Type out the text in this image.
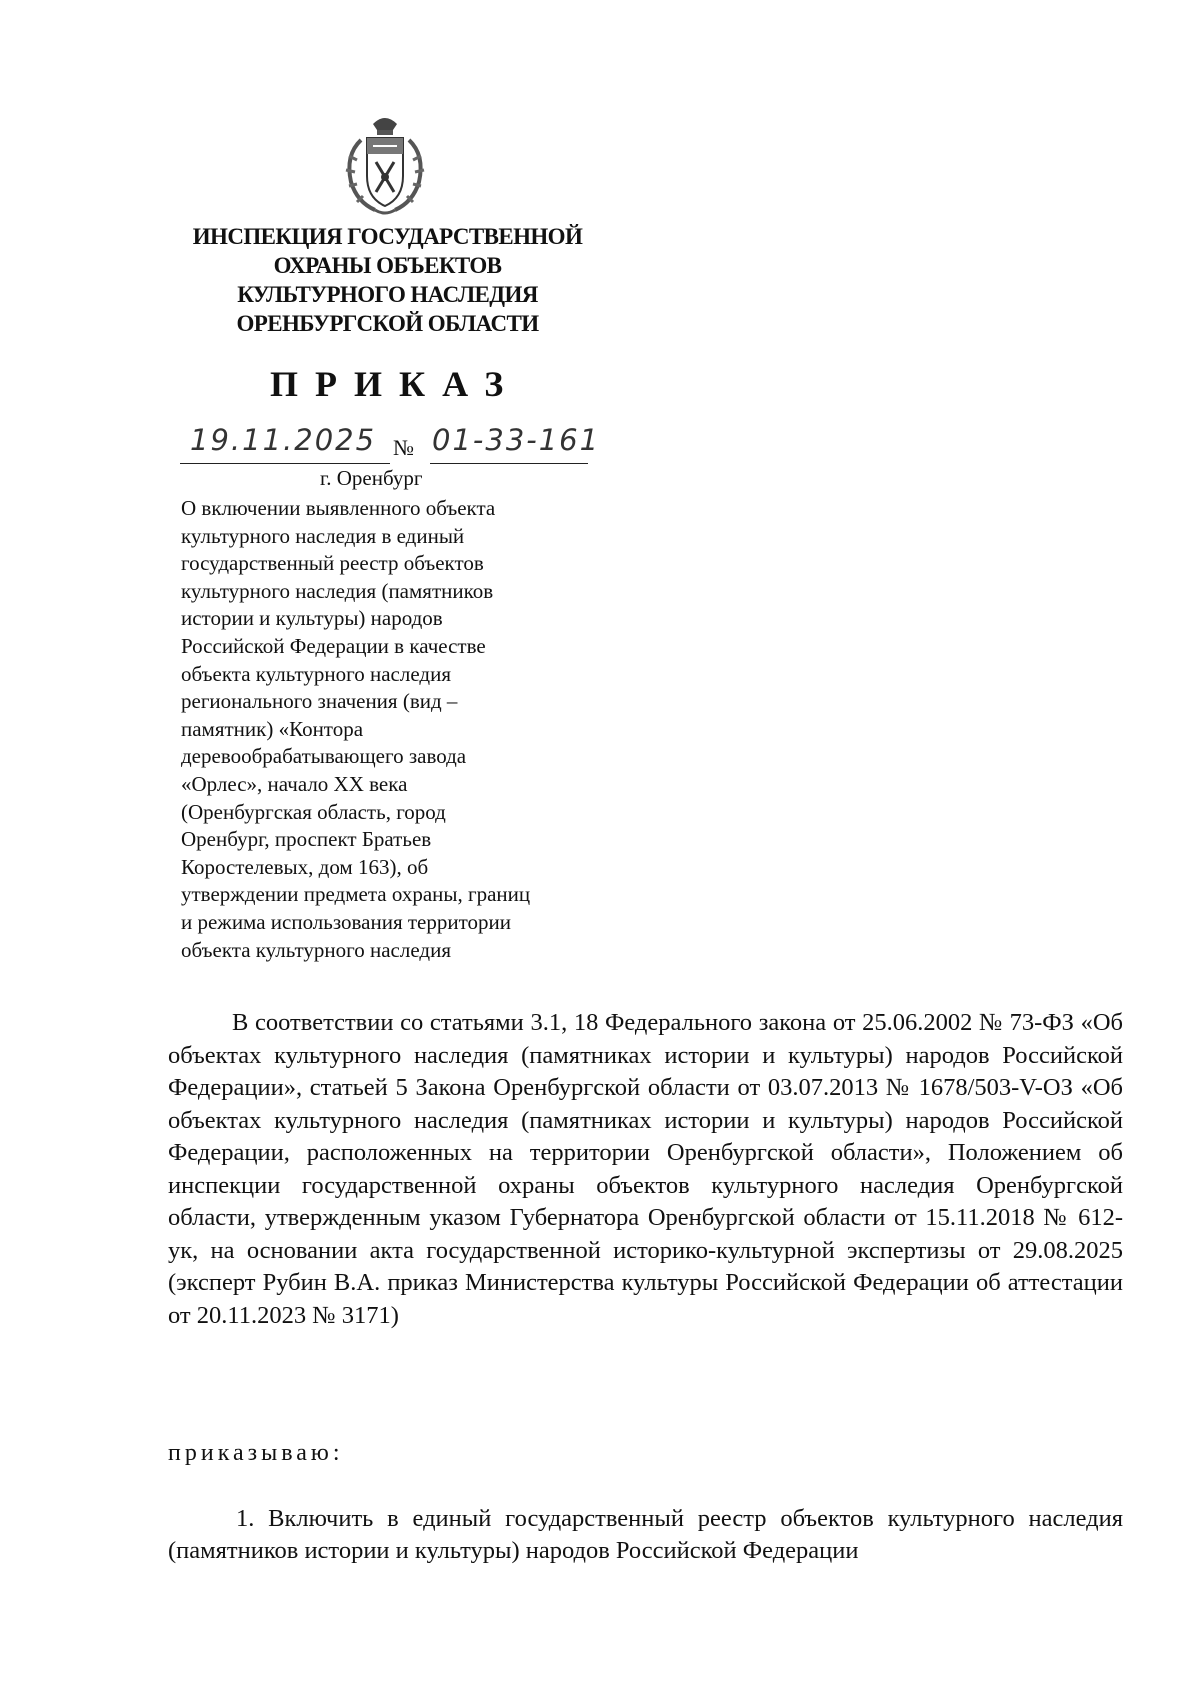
ИНСПЕКЦИЯ ГОСУДАРСТВЕННОЙ
ОХРАНЫ ОБЪЕКТОВ
КУЛЬТУРНОГО НАСЛЕДИЯ
ОРЕНБУРГСКОЙ ОБЛАСТИ
ПРИКАЗ
19.11.2025 № 01-33-161
г. Оренбург
О включении выявленного объекта
культурного наследия в единый
государственный реестр объектов
культурного наследия (памятников
истории и культуры) народов
Российской Федерации в качестве
объекта культурного наследия
регионального значения (вид –
памятник) «Контора
деревообрабатывающего завода
«Орлес», начало XX века
(Оренбургская область, город
Оренбург, проспект Братьев
Коростелевых, дом 163), об
утверждении предмета охраны, границ
и режима использования территории
объекта культурного наследия
В соответствии со статьями 3.1, 18 Федерального закона от 25.06.2002 № 73-ФЗ «Об объектах культурного наследия (памятниках истории и культуры) народов Российской Федерации», статьей 5 Закона Оренбургской области от 03.07.2013 № 1678/503-V-ОЗ «Об объектах культурного наследия (памятниках истории и культуры) народов Российской Федерации, расположенных на территории Оренбургской области», Положением об инспекции государственной охраны объектов культурного наследия Оренбургской области, утвержденным указом Губернатора Оренбургской области от 15.11.2018 № 612-ук, на основании акта государственной историко-культурной экспертизы от 29.08.2025 (эксперт Рубин В.А. приказ Министерства культуры Российской Федерации об аттестации от 20.11.2023 № 3171)
приказываю:
1. Включить в единый государственный реестр объектов культурного наследия (памятников истории и культуры) народов Российской Федерации
